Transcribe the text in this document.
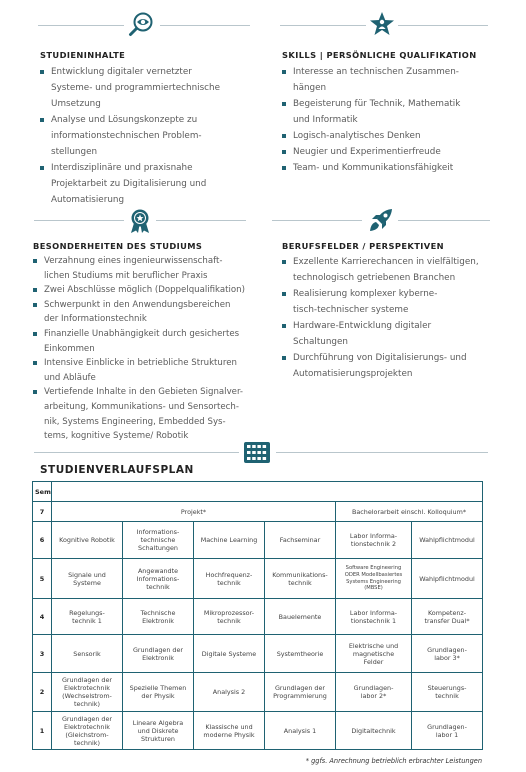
STUDIENINHALTE
Entwicklung digitaler vernetzter
Systeme- und programmiertechnische
Umsetzung
Analyse und Lösungskonzepte zu
informationstechnischen Problem-
stellungen
Interdisziplinäre und praxisnahe
Projektarbeit zu Digitalisierung und
Automatisierung
SKILLS | PERSÖNLICHE QUALIFIKATION
Interesse an technischen Zusammen-
hängen
Begeisterung für Technik, Mathematik
und Informatik
Logisch-analytisches Denken
Neugier und Experimentierfreude
Team- und Kommunikationsfähigkeit
BESONDERHEITEN DES STUDIUMS
Verzahnung eines ingenieurwissenschaft-
lichen Studiums mit beruflicher Praxis
Zwei Abschlüsse möglich (Doppelqualifikation)
Schwerpunkt in den Anwendungsbereichen
der Informationstechnik
Finanzielle Unabhängigkeit durch gesichertes
Einkommen
Intensive Einblicke in betriebliche Strukturen
und Abläufe
Vertiefende Inhalte in den Gebieten Signalver-
arbeitung, Kommunikations- und Sensortech-
nik, Systems Engineering, Embedded Sys-
tems, kognitive Systeme/ Robotik
BERUFSFELDER / PERSPEKTIVEN
Exzellente Karrierechancen in vielfältigen,
technologisch getriebenen Branchen
Realisierung komplexer kyberne-
tisch-technischer systeme
Hardware-Entwicklung digitaler
Schaltungen
Durchführung von Digitalisierungs- und
Automatisierungsprojekten
STUDIENVERLAUFSPLAN
Sem						
7	Projekt*				Bachelorarbeit einschl. Kolloquium*	
6	Kognitive Robotik	Informations-
technische
Schaltungen	Machine Learning	Fachseminar	Labor Informa-
tionstechnik 2	Wahlpflichtmodul
5	Signale und
Systeme	Angewandte
Informations-
technik	Hochfrequenz-
technik	Kommunikations-
technik	Software Engineering
ODER Modellbasiertes
Systems Engineering
(MBSE)	Wahlpflichtmodul
4	Regelungs-
technik 1	Technische
Elektronik	Mikroprozessor-
technik	Bauelemente	Labor Informa-
tionstechnik 1	Kompetenz-
transfer Dual*
3	Sensorik	Grundlagen der
Elektronik	Digitale Systeme	Systemtheorie	Elektrische und
magnetische
Felder	Grundlagen-
labor 3*
2	Grundlagen der
Elektrotechnik
(Wechselstrom-
technik)	Spezielle Themen
der Physik	Analysis 2	Grundlagen der
Programmierung	Grundlagen-
labor 2*	Steuerungs-
technik
1	Grundlagen der
Elektrotechnik
(Gleichstrom-
technik)	Lineare Algebra
und Diskrete
Strukturen	Klassische und
moderne Physik	Analysis 1	Digitaltechnik	Grundlagen-
labor 1
* ggfs. Anrechnung betrieblich erbrachter Leistungen
